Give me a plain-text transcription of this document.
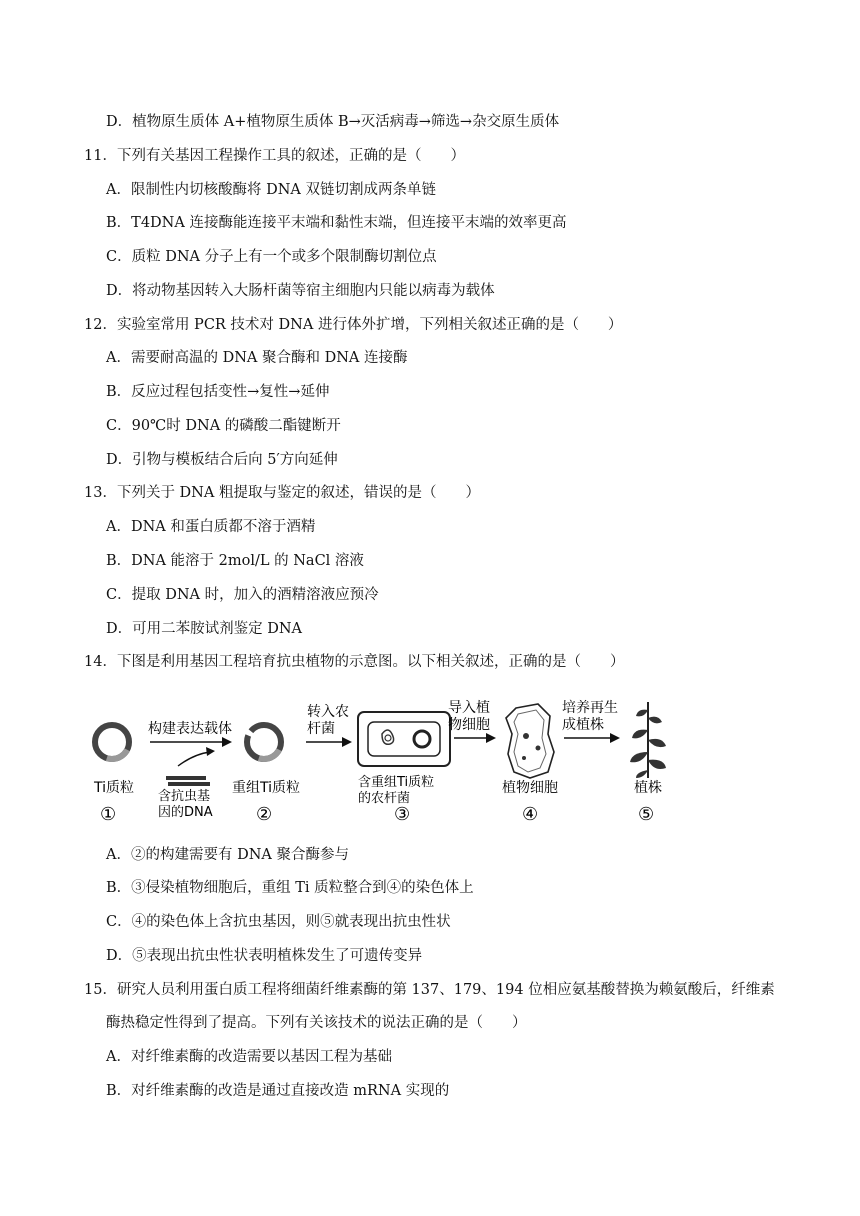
D．植物原生质体 A+植物原生质体 B→灭活病毒→筛选→杂交原生质体
11．下列有关基因工程操作工具的叙述，正确的是（　　）
A．限制性内切核酸酶将 DNA 双链切割成两条单链
B．T4DNA 连接酶能连接平末端和黏性末端，但连接平末端的效率更高
C．质粒 DNA 分子上有一个或多个限制酶切割位点
D．将动物基因转入大肠杆菌等宿主细胞内只能以病毒为载体
12．实验室常用 PCR 技术对 DNA 进行体外扩增，下列相关叙述正确的是（　　）
A．需要耐高温的 DNA 聚合酶和 DNA 连接酶
B．反应过程包括变性→复性→延伸
C．90℃时 DNA 的磷酸二酯键断开
D．引物与模板结合后向 5′方向延伸
13．下列关于 DNA 粗提取与鉴定的叙述，错误的是（　　）
A．DNA 和蛋白质都不溶于酒精
B．DNA 能溶于 2mol/L 的 NaCl 溶液
C．提取 DNA 时，加入的酒精溶液应预冷
D．可用二苯胺试剂鉴定 DNA
14．下图是利用基因工程培育抗虫植物的示意图。以下相关叙述，正确的是（　　）
Ti质粒
①
构建表达载体
含抗虫基
因的DNA
重组Ti质粒
②
转入农
杆菌
含重组Ti质粒
的农杆菌
③
导入植
物细胞
植物细胞
④
培养再生
成植株
植株
⑤
A．②的构建需要有 DNA 聚合酶参与
B．③侵染植物细胞后，重组 Ti 质粒整合到④的染色体上
C．④的染色体上含抗虫基因，则⑤就表现出抗虫性状
D．⑤表现出抗虫性状表明植株发生了可遗传变异
15．研究人员利用蛋白质工程将细菌纤维素酶的第 137、179、194 位相应氨基酸替换为赖氨酸后，纤维素
酶热稳定性得到了提高。下列有关该技术的说法正确的是（　　）
A．对纤维素酶的改造需要以基因工程为基础
B．对纤维素酶的改造是通过直接改造 mRNA 实现的
